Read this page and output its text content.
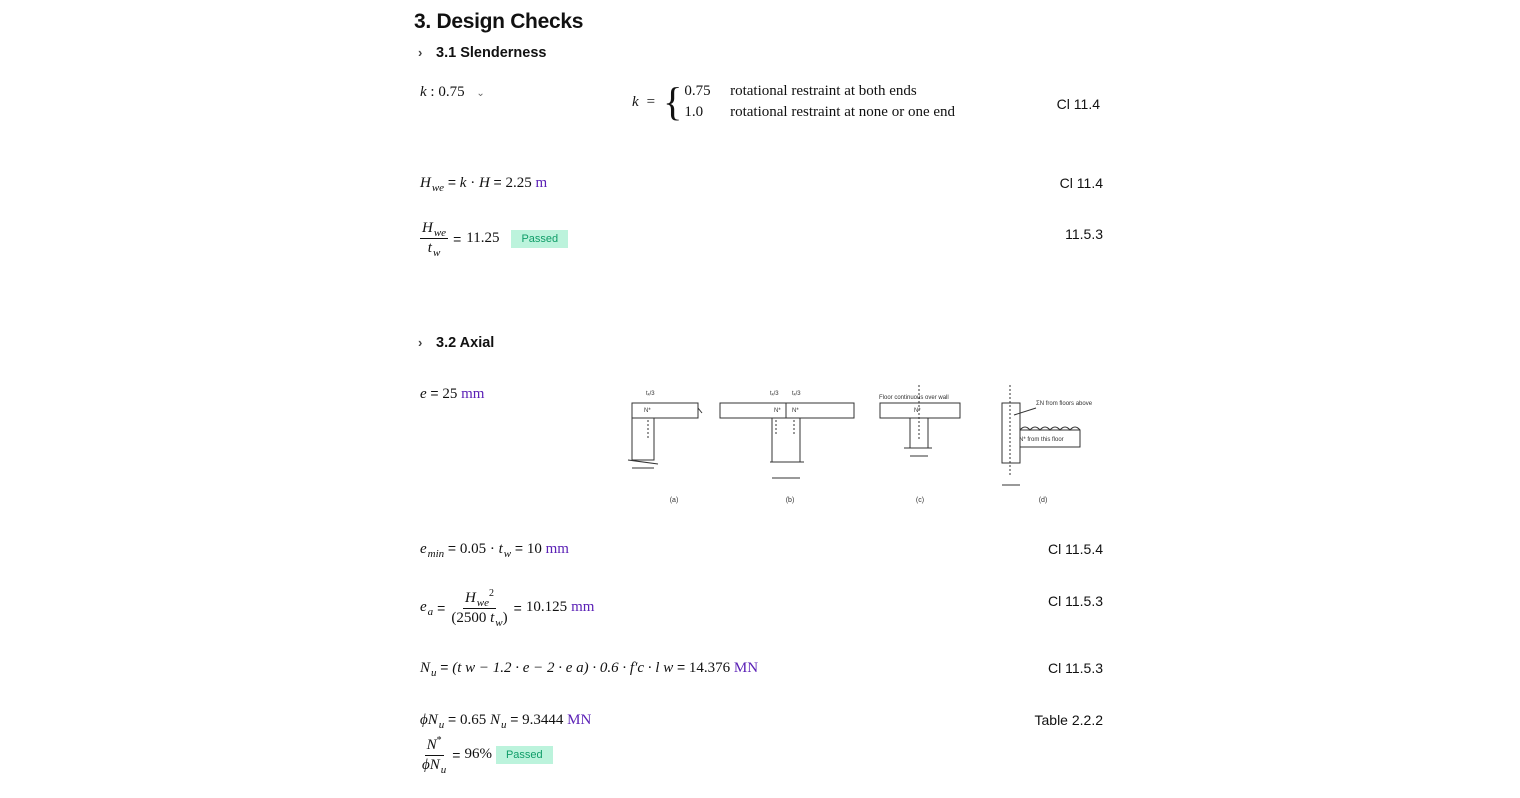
3. Design Checks
› 3.1 Slenderness
k : 0.75 ⌄	k = { 0.75 rotational restraint at both ends
1.0 rotational restraint at none or one end	Cl 11.4
$H_{we} = k \cdot H = 2.25$ m	Cl 11.4
$\frac{H_{we}}{t_w} = 11.25$	Passed	11.5.3
› 3.2 Axial
e = 25 mm	tₓ/3
N*
tₓ/3 tₓ/3
N* N*
Floor continuous over wall
N*
ΣN from floors above
N* from this floor
(a)	(b)	(c)	(d)
$e_{min} = 0.05 \cdot t_w = 10$ mm	Cl 11.5.4
e $a = \frac{H_{we}^2}{(2500 t_w)} = 10.125$ mm	Cl 11.5.3
$N_u = (t$ w − 1.2 · e − 2 · e a) · 0.6 · f′c · l w = 14.376 MN	Cl 11.5.3
$\phi N_u = 0.65$ $N_u = 9.3444$ MN	Table 2.2.2
$\frac{N^*}{\phi N_u} = 96\%$	Passed
